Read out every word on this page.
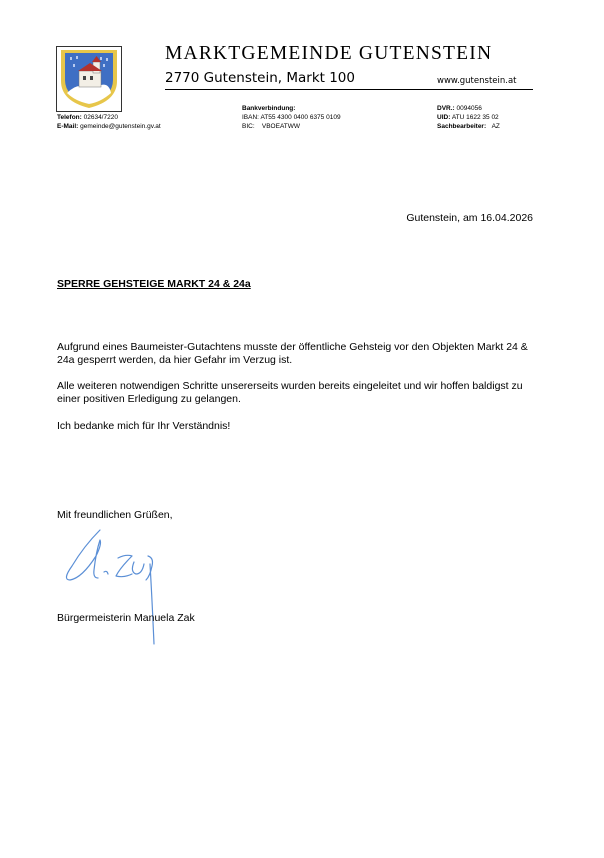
MARKTGEMEINDE GUTENSTEIN
2770 Gutenstein, Markt 100	www.gutenstein.at
Telefon: 02634/7220
E-Mail: gemeinde@gutenstein.gv.at
Bankverbindung:
IBAN: AT55 4300 0400 6375 0109
BIC: VBOEATWW
DVR.: 0094056
UID: ATU 1622 35 02
Sachbearbeiter: AZ
Gutenstein, am 16.04.2026
SPERRE GEHSTEIGE MARKT 24 & 24a
Aufgrund eines Baumeister-Gutachtens musste der öffentliche Gehsteig vor den Objekten Markt 24 & 24a gesperrt werden, da hier Gefahr im Verzug ist.
Alle weiteren notwendigen Schritte unsererseits wurden bereits eingeleitet und wir hoffen baldigst zu einer positiven Erledigung zu gelangen.
Ich bedanke mich für Ihr Verständnis!
Mit freundlichen Grüßen,
Bürgermeisterin Manuela Zak
